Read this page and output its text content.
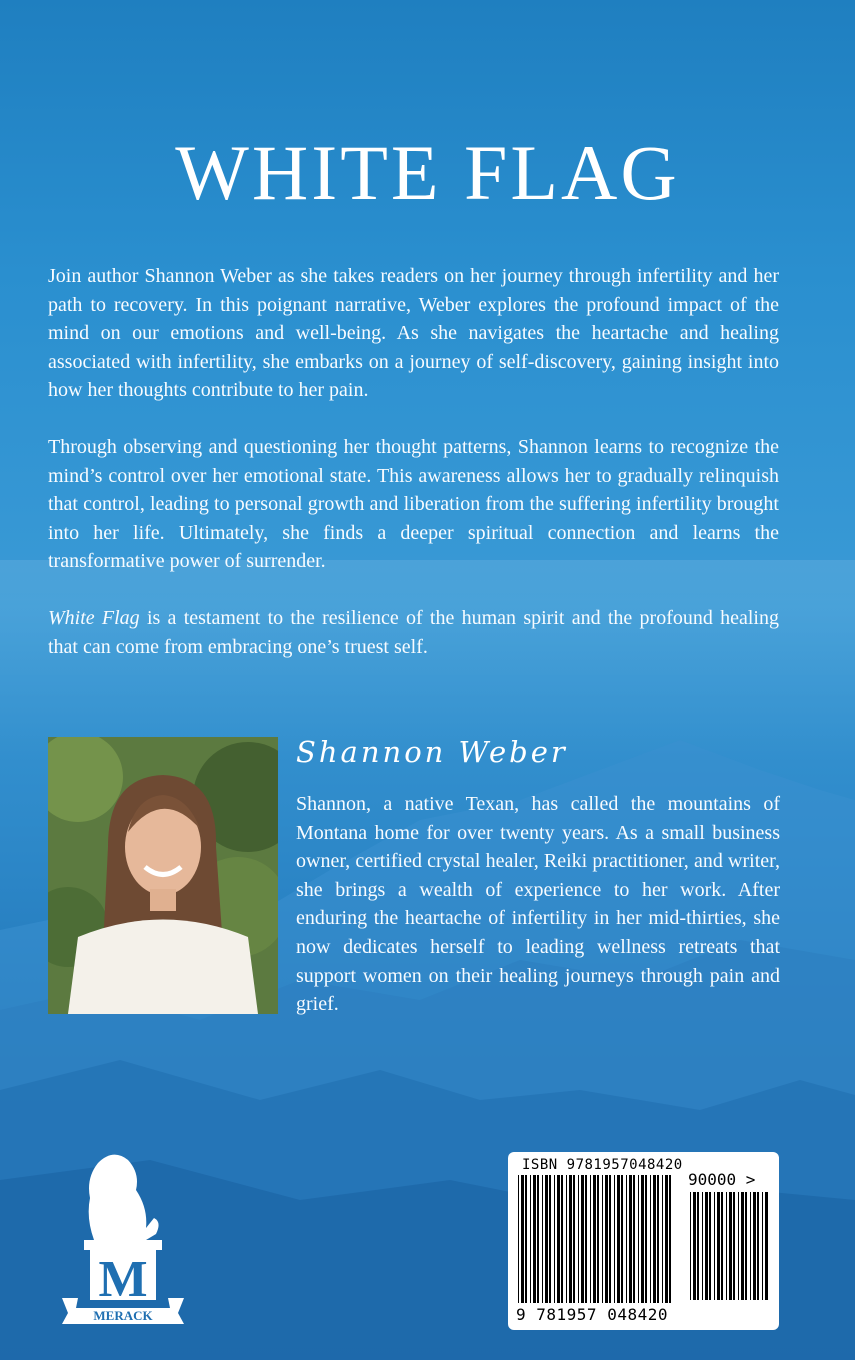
WHITE FLAG

Join author Shannon Weber as she takes readers on her journey through infertility and her path to recovery. In this poignant narrative, Weber explores the profound impact of the mind on our emotions and well-being. As she navigates the heartache and healing associated with infertility, she embarks on a journey of self-discovery, gaining insight into how her thoughts contribute to her pain.

Through observing and questioning her thought patterns, Shannon learns to recognize the mind’s control over her emotional state. This awareness allows her to gradually relinquish that control, leading to personal growth and liberation from the suffering infertility brought into her life. Ultimately, she finds a deeper spiritual connection and learns the transformative power of surrender.

White Flag is a testament to the resilience of the human spirit and the profound healing that can come from embracing one’s truest self.

Shannon Weber
Shannon, a native Texan, has called the mountains of Montana home for over twenty years. As a small business owner, certified crystal healer, Reiki practitioner, and writer, she brings a wealth of experience to her work. After enduring the heartache of infertility in her mid-thirties, she now dedicates herself to leading wellness retreats that support women on their healing journeys through pain and grief.
M
MERACK
ISBN 9781957048420
90000 >
9 781957 048420
